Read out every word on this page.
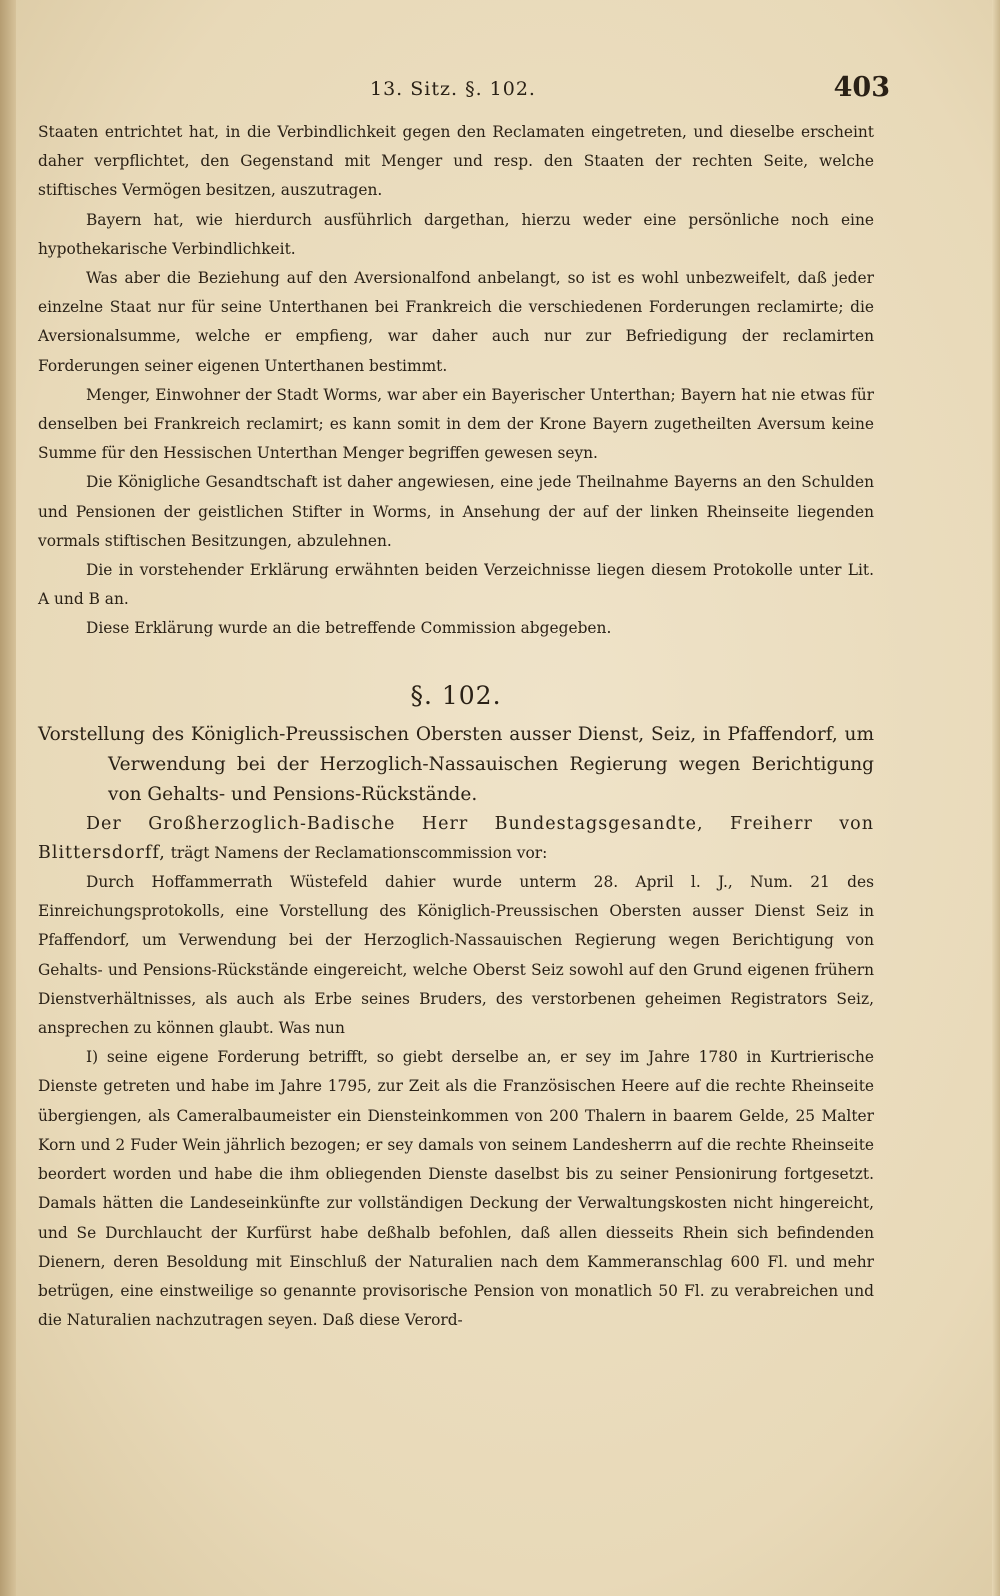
13. Sitz. §. 102.	403

Staaten entrichtet hat, in die Verbindlichkeit gegen den Reclamaten eingetreten, und dieselbe erscheint daher verpflichtet, den Gegenstand mit Menger und resp. den Staaten der rechten Seite, welche stiftisches Vermögen besitzen, auszutragen.

Bayern hat, wie hierdurch ausführlich dargethan, hierzu weder eine persönliche noch eine hypothekarische Verbindlichkeit.

Was aber die Beziehung auf den Aversionalfond anbelangt, so ist es wohl unbezweifelt, daß jeder einzelne Staat nur für seine Unterthanen bei Frankreich die verschiedenen Forderungen reclamirte; die Aversionalsumme, welche er empfieng, war daher auch nur zur Befriedigung der reclamirten Forderungen seiner eigenen Unterthanen bestimmt.

Menger, Einwohner der Stadt Worms, war aber ein Bayerischer Unterthan; Bayern hat nie etwas für denselben bei Frankreich reclamirt; es kann somit in dem der Krone Bayern zugetheilten Aversum keine Summe für den Hessischen Unterthan Menger begriffen gewesen seyn.

Die Königliche Gesandtschaft ist daher angewiesen, eine jede Theilnahme Bayerns an den Schulden und Pensionen der geistlichen Stifter in Worms, in Ansehung der auf der linken Rheinseite liegenden vormals stiftischen Besitzungen, abzulehnen.

Die in vorstehender Erklärung erwähnten beiden Verzeichnisse liegen diesem Protokolle unter Lit. A und B an.

Diese Erklärung wurde an die betreffende Commission abgegeben.

§. 102.

Vorstellung des Königlich-Preussischen Obersten ausser Dienst, Seiz, in Pfaffendorf, um Verwendung bei der Herzoglich-Nassauischen Regierung wegen Berichtigung von Gehalts- und Pensions-Rückstände.

Der Großherzoglich-Badische Herr Bundestagsgesandte, Freiherr von Blittersdorff, trägt Namens der Reclamationscommission vor:

Durch Hoffammerrath Wüstefeld dahier wurde unterm 28. April l. J., Num. 21 des Einreichungsprotokolls, eine Vorstellung des Königlich-Preussischen Obersten ausser Dienst Seiz in Pfaffendorf, um Verwendung bei der Herzoglich-Nassauischen Regierung wegen Berichtigung von Gehalts- und Pensions-Rückstände eingereicht, welche Oberst Seiz sowohl auf den Grund eigenen frühern Dienstverhältnisses, als auch als Erbe seines Bruders, des verstorbenen geheimen Registrators Seiz, ansprechen zu können glaubt. Was nun

I) seine eigene Forderung betrifft, so giebt derselbe an, er sey im Jahre 1780 in Kurtrierische Dienste getreten und habe im Jahre 1795, zur Zeit als die Französischen Heere auf die rechte Rheinseite übergiengen, als Cameralbaumeister ein Diensteinkommen von 200 Thalern in baarem Gelde, 25 Malter Korn und 2 Fuder Wein jährlich bezogen; er sey damals von seinem Landesherrn auf die rechte Rheinseite beordert worden und habe die ihm obliegenden Dienste daselbst bis zu seiner Pensionirung fortgesetzt. Damals hätten die Landeseinkünfte zur vollständigen Deckung der Verwaltungskosten nicht hingereicht, und Se Durchlaucht der Kurfürst habe deßhalb befohlen, daß allen diesseits Rhein sich befindenden Dienern, deren Besoldung mit Einschluß der Naturalien nach dem Kammeranschlag 600 Fl. und mehr betrügen, eine einstweilige so genannte provisorische Pension von monatlich 50 Fl. zu verabreichen und die Naturalien nachzutragen seyen. Daß diese Verord-
